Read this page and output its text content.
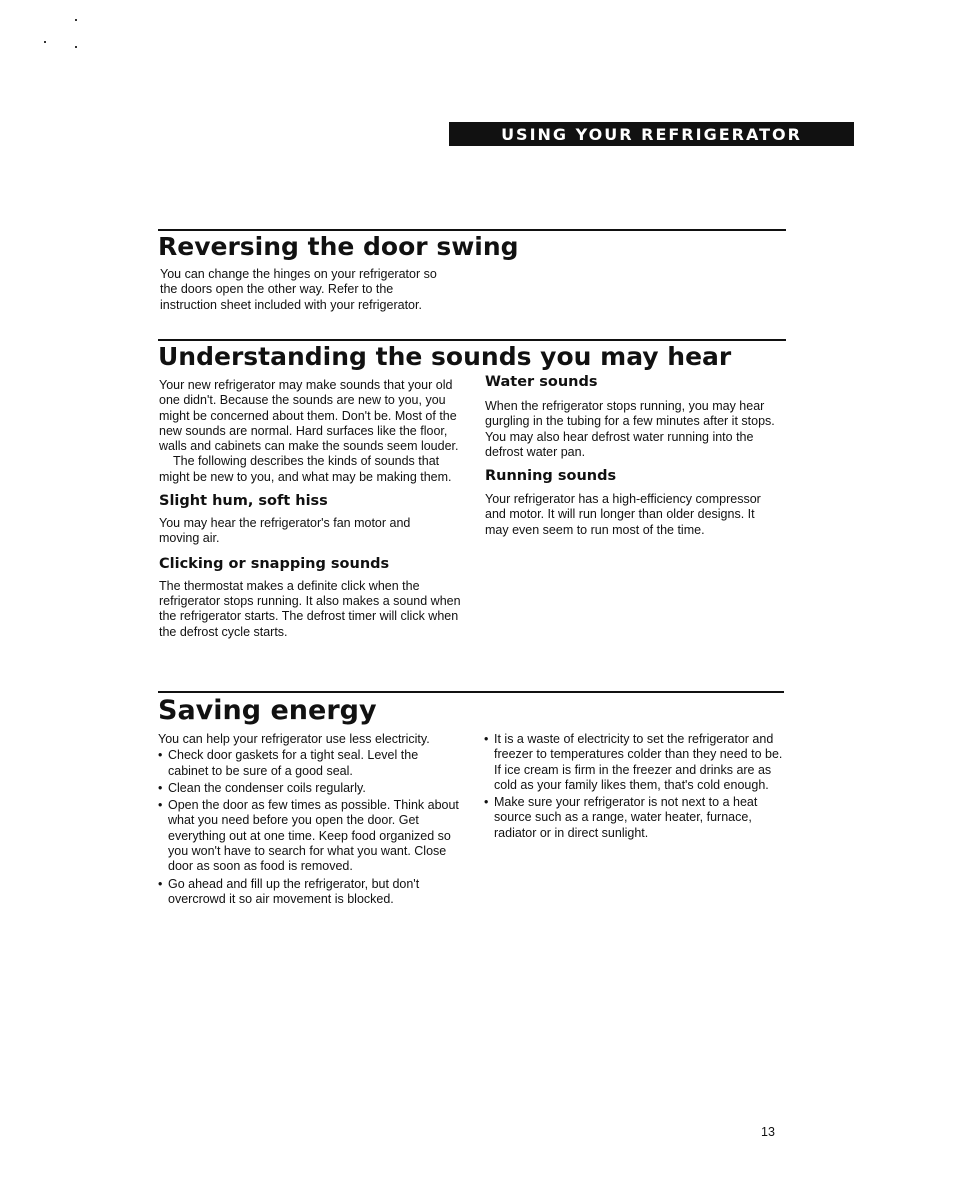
USING YOUR REFRIGERATOR
Reversing the door swing

You can change the hinges on your refrigerator so the doors open the other way. Refer to the instruction sheet included with your refrigerator.

Understanding the sounds you may hear

Your new refrigerator may make sounds that your old one didn't. Because the sounds are new to you, you might be concerned about them. Don't be. Most of the new sounds are normal. Hard surfaces like the floor, walls and cabinets can make the sounds seem louder.

The following describes the kinds of sounds that might be new to you, and what may be making them.

Slight hum, soft hiss

You may hear the refrigerator's fan motor and moving air.

Clicking or snapping sounds

The thermostat makes a definite click when the refrigerator stops running. It also makes a sound when the refrigerator starts. The defrost timer will click when the defrost cycle starts.

Water sounds

When the refrigerator stops running, you may hear gurgling in the tubing for a few minutes after it stops. You may also hear defrost water running into the defrost water pan.

Running sounds

Your refrigerator has a high-efficiency compressor and motor. It will run longer than older designs. It may even seem to run most of the time.

Saving energy

You can help your refrigerator use less electricity.

• Check door gaskets for a tight seal. Level the cabinet to be sure of a good seal.
• Clean the condenser coils regularly.
• Open the door as few times as possible. Think about what you need before you open the door. Get everything out at one time. Keep food organized so you won't have to search for what you want. Close door as soon as food is removed.
• Go ahead and fill up the refrigerator, but don't overcrowd it so air movement is blocked.
• It is a waste of electricity to set the refrigerator and freezer to temperatures colder than they need to be. If ice cream is firm in the freezer and drinks are as cold as your family likes them, that's cold enough.
• Make sure your refrigerator is not next to a heat source such as a range, water heater, furnace, radiator or in direct sunlight.
13
